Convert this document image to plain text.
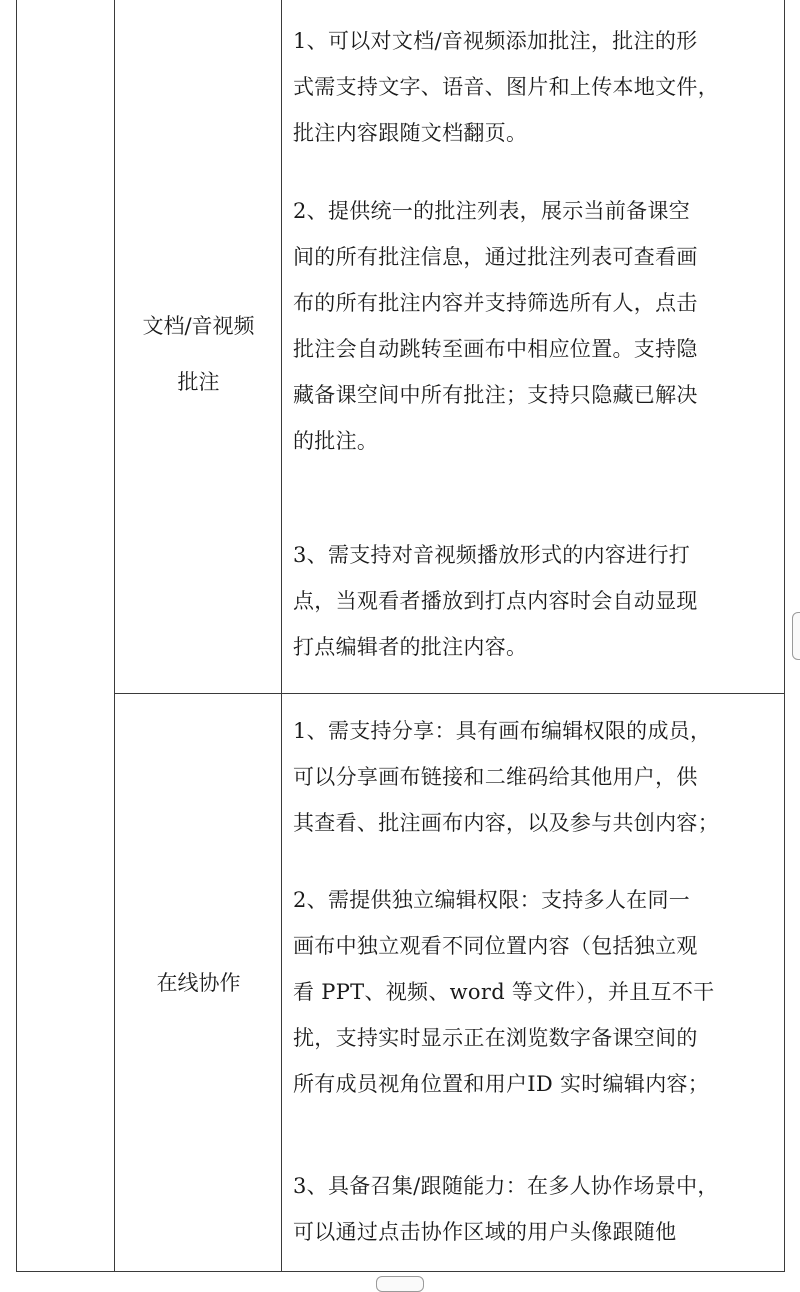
文档/音视频
批注
1、可以对文档/音视频添加批注，批注的形
式需支持文字、语音、图片和上传本地文件，
批注内容跟随文档翻页。
2、提供统一的批注列表，展示当前备课空
间的所有批注信息，通过批注列表可查看画
布的所有批注内容并支持筛选所有人，点击
批注会自动跳转至画布中相应位置。支持隐
藏备课空间中所有批注；支持只隐藏已解决
的批注。
3、需支持对音视频播放形式的内容进行打
点，当观看者播放到打点内容时会自动显现
打点编辑者的批注内容。
在线协作
1、需支持分享：具有画布编辑权限的成员，
可以分享画布链接和二维码给其他用户，供
其查看、批注画布内容，以及参与共创内容；
2、需提供独立编辑权限：支持多人在同一
画布中独立观看不同位置内容（包括独立观
看 PPT、视频、word 等文件），并且互不干
扰，支持实时显示正在浏览数字备课空间的
所有成员视角位置和用户ID 实时编辑内容；
3、具备召集/跟随能力：在多人协作场景中，
可以通过点击协作区域的用户头像跟随他
